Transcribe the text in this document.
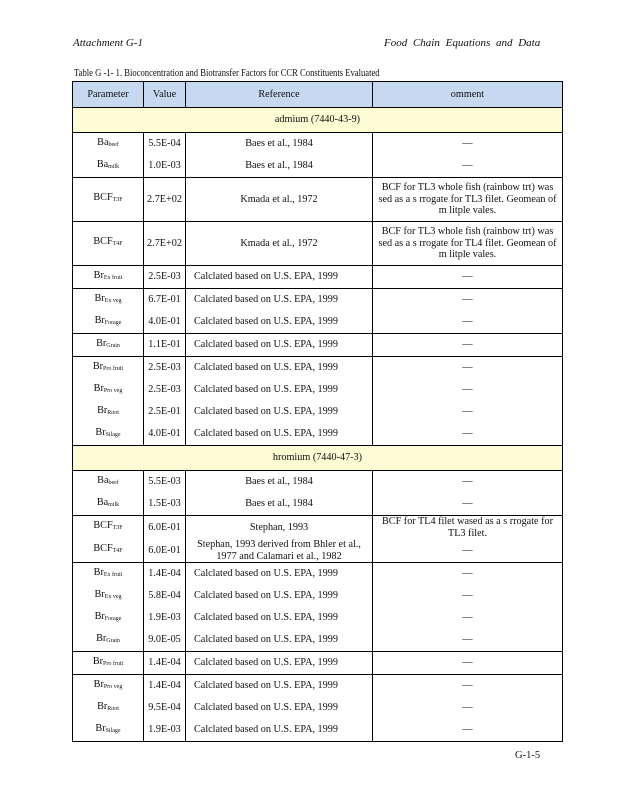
Attachment G-1	Food Chain Equations and Data
Table G -1- 1. Bioconcentration and Biotransfer Factors for CCR Constituents Evaluated
Parameter	Value	Reference	omment
admium (7440-43-9)			
$Ba_{beef}$	5.5E-04	Baes et al., 1984	—
$Ba_{milk}$	1.0E-03	Baes et al., 1984	—
$BCF_{T3F}$	2.7E+02	Kmada et al., 1972	BCF for TL3 whole fish (rainbow trt) was sed as a s rrogate for TL3 filet. Geomean of m litple vales.
$BCF_{T4F}$	2.7E+02	Kmada et al., 1972	BCF for TL3 whole fish (rainbow trt) was sed as a s rrogate for TL4 filet. Geomean of m litple vales.
$Br_{Ex fruit}$	2.5E-03	Calclated based on U.S. EPA, 1999	—
$Br_{Ex veg}$	6.7E-01	Calclated based on U.S. EPA, 1999	—
$Br_{Forage}$	4.0E-01	Calclated based on U.S. EPA, 1999	—
$Br_{Grain}$	1.1E-01	Calclated based on U.S. EPA, 1999	—
$Br_{Pro fruit}$	2.5E-03	Calclated based on U.S. EPA, 1999	—
$Br_{Pro veg}$	2.5E-03	Calclated based on U.S. EPA, 1999	—
$Br_{Root}$	2.5E-01	Calclated based on U.S. EPA, 1999	—
$Br_{Silage}$	4.0E-01	Calclated based on U.S. EPA, 1999	—
hromium (7440-47-3)			
$Ba_{beef}$	5.5E-03	Baes et al., 1984	—
$Ba_{milk}$	1.5E-03	Baes et al., 1984	—
$BCF_{T3F}$	6.0E-01	Stephan, 1993	BCF for TL4 filet wased as a s rrogate for TL3 filet.
$BCF_{T4F}$	6.0E-01	Stephan, 1993 derived from Bhler et al., 1977 and Calamari et al., 1982	—
$Br_{Ex fruit}$	1.4E-04	Calclated based on U.S. EPA, 1999	—
$Br_{Ex veg}$	5.8E-04	Calclated based on U.S. EPA, 1999	—
$Br_{Forage}$	1.9E-03	Calclated based on U.S. EPA, 1999	—
$Br_{Grain}$	9.0E-05	Calclated based on U.S. EPA, 1999	—
$Br_{Pro fruit}$	1.4E-04	Calclated based on U.S. EPA, 1999	—
$Br_{Pro veg}$	1.4E-04	Calclated based on U.S. EPA, 1999	—
$Br_{Root}$	9.5E-04	Calclated based on U.S. EPA, 1999	—
$Br_{Silage}$	1.9E-03	Calclated based on U.S. EPA, 1999	—
G-1-5
